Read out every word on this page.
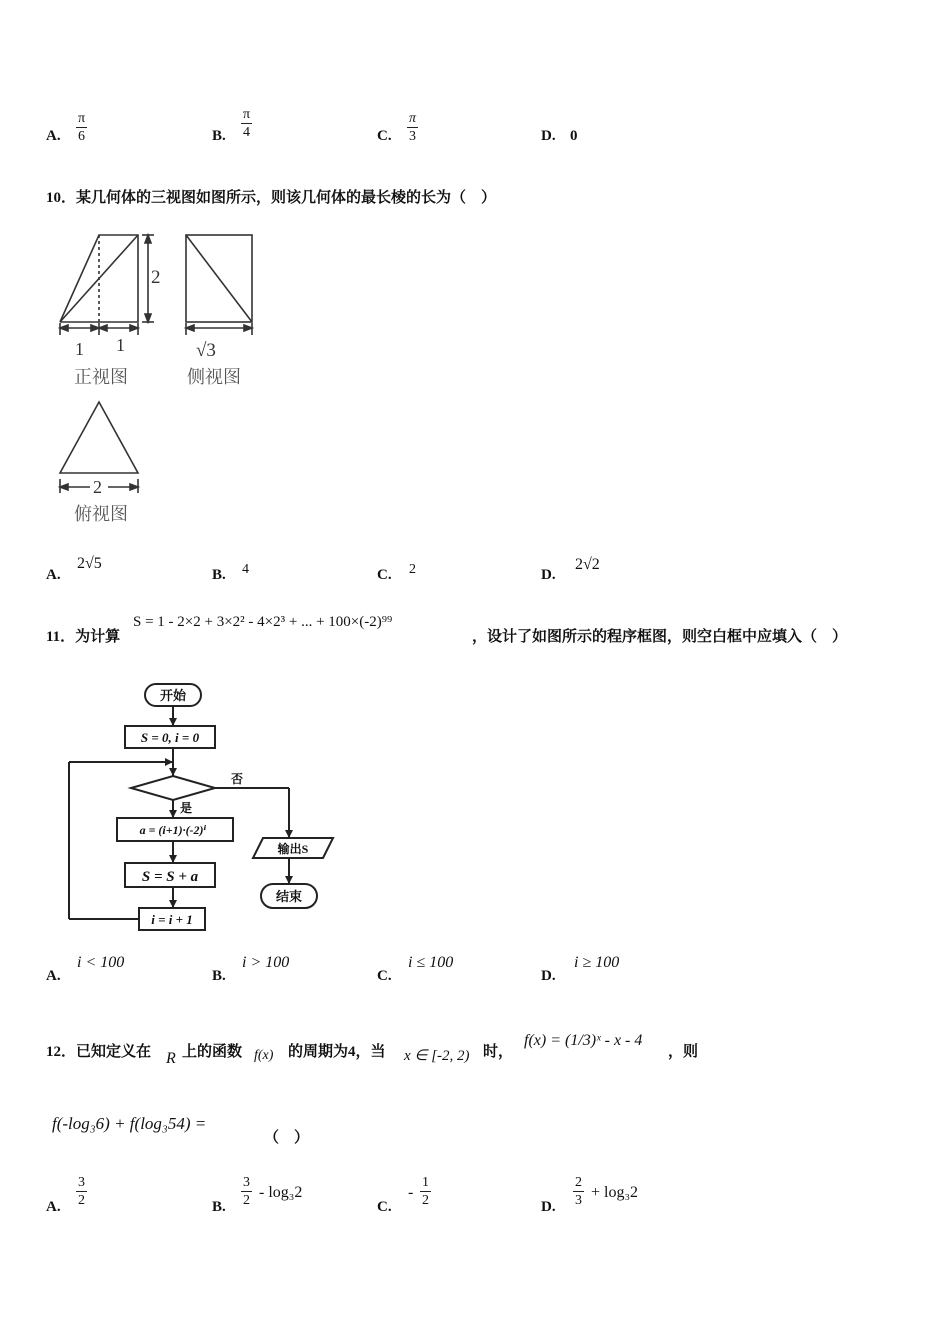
A. $\frac{\pi}{6}$	B. $\frac{\pi}{4}$	C. $\frac{\pi}{3}$	D. 0
10．某几何体的三视图如图所示，则该几何体的最长棱的长为（　）
2
1 1
正视图
√3
侧视图
2
俯视图
A.
2√5
B. 4	C. 2	D.
2√2
11．为计算
S = 1 - 2×2 + 3×2² - 4×2³ + ... + 100×(-2)⁹⁹
，设计了如图所示的程序框图，则空白框中应填入（　）
开始
S = 0, i = 0
否
是
a = (i+1)·(-2)ⁱ
S = S + a
i = i + 1
输出S
结束
A.
i < 100
B.
i > 100
C.
i ≤ 100
D.
i ≥ 100
12．已知定义在 R 上的函数 f(x) 的周期为4，当 x ∈ [-2, 2) 时，
f(x) = (1/3)ˣ - x - 4
，则
f(-log₃6) + f(log₃54) =
（　）
A. $\frac{3}{2}$	B. $\frac{3}{2} - \log_32$
C.
- $\frac{1}{2}$	D. $\frac{2}{3} + \log_32$
